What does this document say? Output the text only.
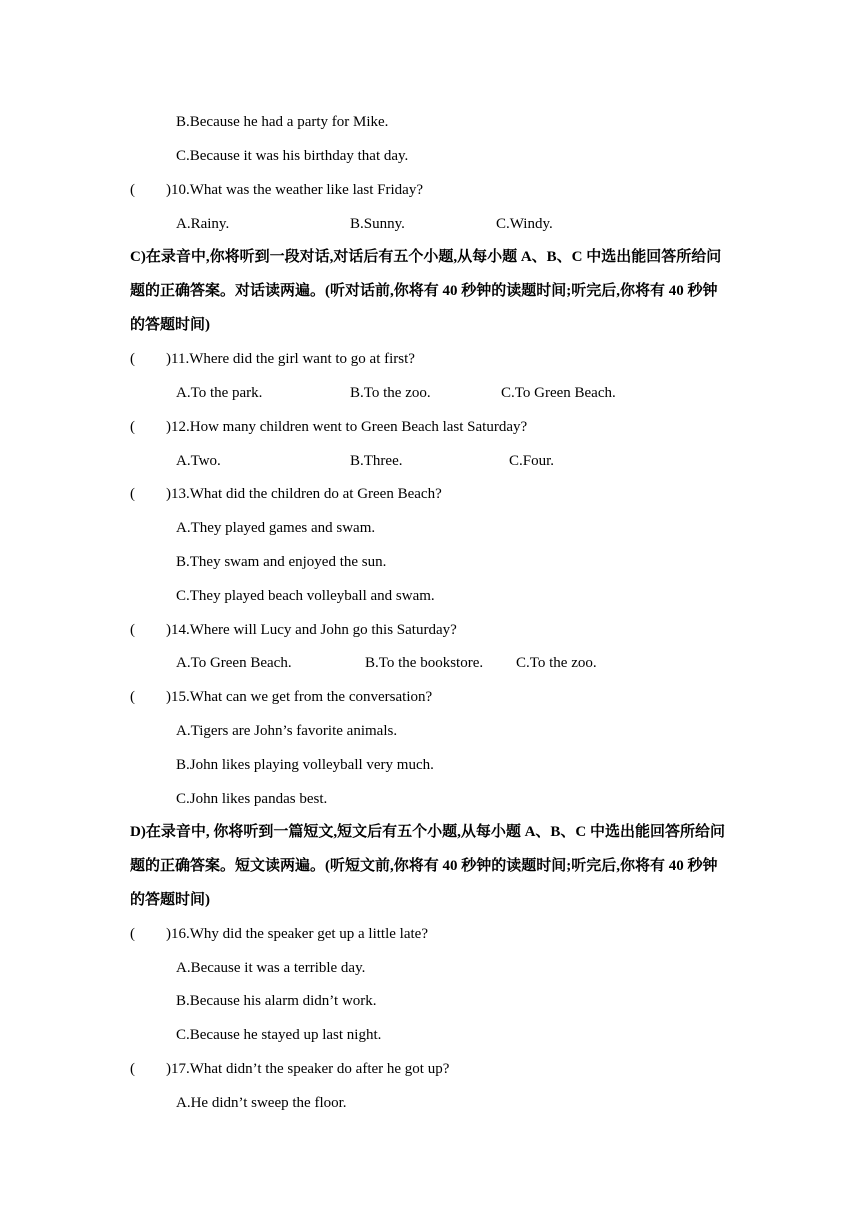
B.Because he had a party for Mike.
C.Because it was his birthday that day.
( )10.What was the weather like last Friday?
A.Rainy.	B.Sunny.	C.Windy.
C)在录音中,你将听到一段对话,对话后有五个小题,从每小题 A、B、C 中选出能回答所给问
题的正确答案。对话读两遍。(听对话前,你将有 40 秒钟的读题时间;听完后,你将有 40 秒钟
的答题时间)
( )11.Where did the girl want to go at first?
A.To the park.	B.To the zoo.	C.To Green Beach.
( )12.How many children went to Green Beach last Saturday?
A.Two.	B.Three.	C.Four.
( )13.What did the children do at Green Beach?
A.They played games and swam.
B.They swam and enjoyed the sun.
C.They played beach volleyball and swam.
( )14.Where will Lucy and John go this Saturday?
A.To Green Beach.	B.To the bookstore. C.To the zoo.
( )15.What can we get from the conversation?
A.Tigers are John’s favorite animals.
B.John likes playing volleyball very much.
C.John likes pandas best.
D)在录音中, 你将听到一篇短文,短文后有五个小题,从每小题 A、B、C 中选出能回答所给问
题的正确答案。短文读两遍。(听短文前,你将有 40 秒钟的读题时间;听完后,你将有 40 秒钟
的答题时间)
( )16.Why did the speaker get up a little late?
A.Because it was a terrible day.
B.Because his alarm didn’t work.
C.Because he stayed up last night.
( )17.What didn’t the speaker do after he got up?
A.He didn’t sweep the floor.
